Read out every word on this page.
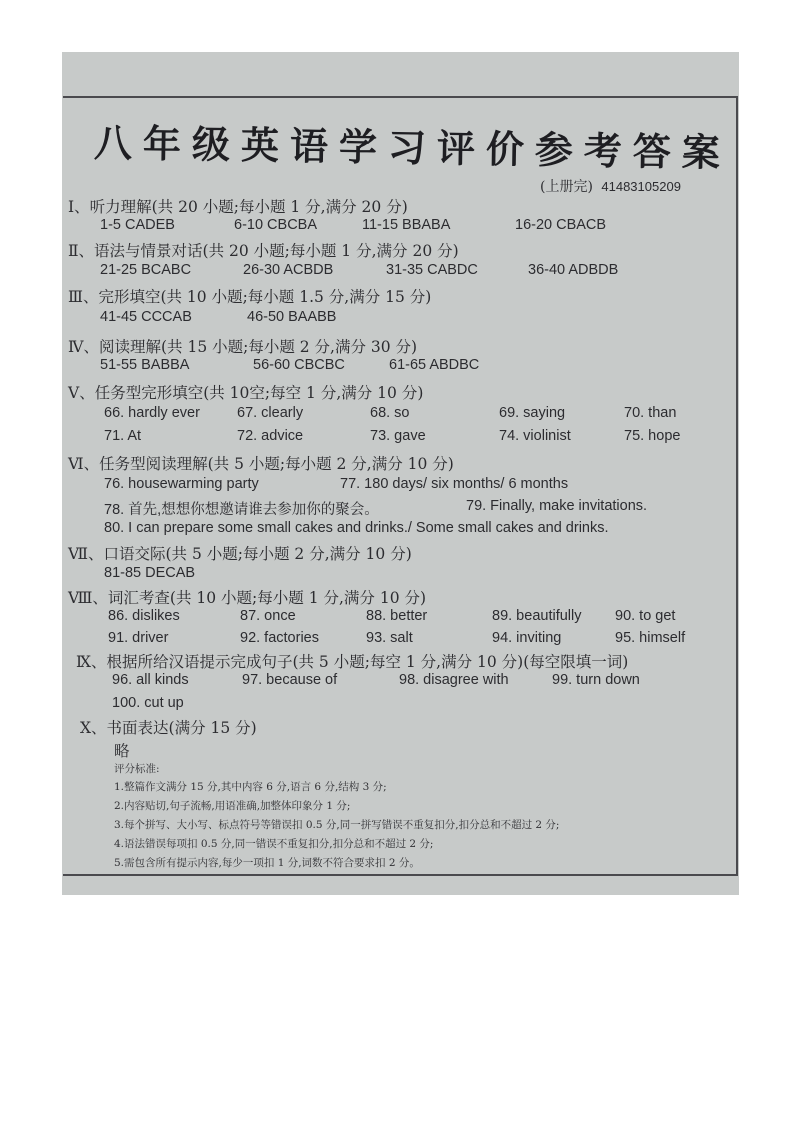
八年级英语学习评价参考答案
(上册完) 41483105209
Ⅰ、听力理解(共 20 小题;每小题 1 分,满分 20 分)
1-5 CADEB	6-10 CBCBA	11-15 BBABA	16-20 CBACB
Ⅱ、语法与情景对话(共 20 小题;每小题 1 分,满分 20 分)
21-25 BCABC	26-30 ACBDB	31-35 CABDC	36-40 ADBDB
Ⅲ、完形填空(共 10 小题;每小题 1.5 分,满分 15 分)
41-45 CCCAB	46-50 BAABB
Ⅳ、阅读理解(共 15 小题;每小题 2 分,满分 30 分)
51-55 BABBA	56-60 CBCBC	61-65 ABDBC
Ⅴ、任务型完形填空(共 10空;每空 1 分,满分 10 分)
66. hardly ever	67. clearly	68. so	69. saying	70. than
71. At	72. advice	73. gave	74. violinist	75. hope
Ⅵ、任务型阅读理解(共 5 小题;每小题 2 分,满分 10 分)
76. housewarming party	77. 180 days/ six months/ 6 months
78. 首先,想想你想邀请谁去参加你的聚会。	79. Finally, make invitations.
80. I can prepare some small cakes and drinks./ Some small cakes and drinks.
Ⅶ、口语交际(共 5 小题;每小题 2 分,满分 10 分)
81-85 DECAB
Ⅷ、词汇考查(共 10 小题;每小题 1 分,满分 10 分)
86. dislikes	87. once	88. better	89. beautifully 90. to get
91. driver	92. factories	93. salt	94. inviting	95. himself
Ⅸ、根据所给汉语提示完成句子(共 5 小题;每空 1 分,满分 10 分)(每空限填一词)
96. all kinds	97. because of	98. disagree with	99. turn down
100. cut up
Ⅹ、书面表达(满分 15 分)
略
评分标准:
1.整篇作文满分 15 分,其中内容 6 分,语言 6 分,结构 3 分;
2.内容贴切,句子流畅,用语准确,加整体印象分 1 分;
3.每个拼写、大小写、标点符号等错误扣 0.5 分,同一拼写错误不重复扣分,扣分总和不超过 2 分;
4.语法错误每项扣 0.5 分,同一错误不重复扣分,扣分总和不超过 2 分;
5.需包含所有提示内容,每少一项扣 1 分,词数不符合要求扣 2 分。
